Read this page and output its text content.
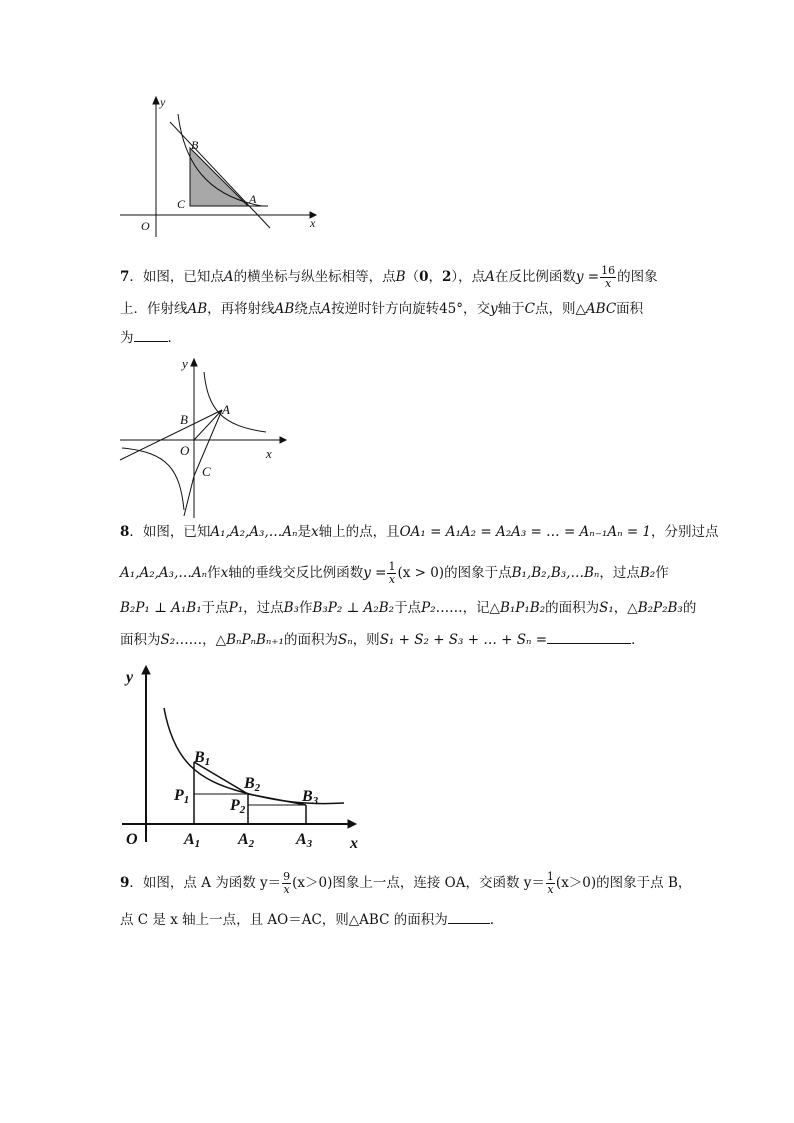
y
x
O
B
C	A
7．如图，已知点A的横坐标与纵坐标相等，点B（0，2），点A在反比例函数$y = \frac{16}{x}$ 的图象
上．作射线AB，再将射线AB绕点A按逆时针方向旋转45°，交y轴于C点，则△ABC面积
为	．
y
x
O
B
A
C
8．如图，已知A₁,A₂,A₃,…Aₙ是x轴上的点，且OA₁ = A₁A₂ = A₂A₃ = … = Aₙ₋₁Aₙ = 1，分别过点
A₁,A₂,A₃,…Aₙ作x轴的垂线交反比例函数$y = \frac{1}{x} (x > 0)$的图象于点B₁,B₂,B₃,…Bₙ，过点B₂作
B₂P₁ ⊥ A₁B₁于点P₁，过点B₃作B₃P₂ ⊥ A₂B₂于点P₂……，记△B₁P₁B₂的面积为S₁，△B₂P₂B₃的
面积为S₂……，△BₙPₙBₙ₊₁的面积为Sₙ，则S₁ + S₂ + S₃ + … + Sₙ =	．
y
x
O
B1
B2	B3
P1	P2
A1 A2	A3
9．如图，点 A 为函数 $y= \frac{9}{x} (x>0)$图象上一点，连接 OA，交函数 $y= \frac{1}{x} (x>0)$的图象于点 B，
点 C 是 x 轴上一点，且 AO＝AC，则△ABC 的面积为	.
